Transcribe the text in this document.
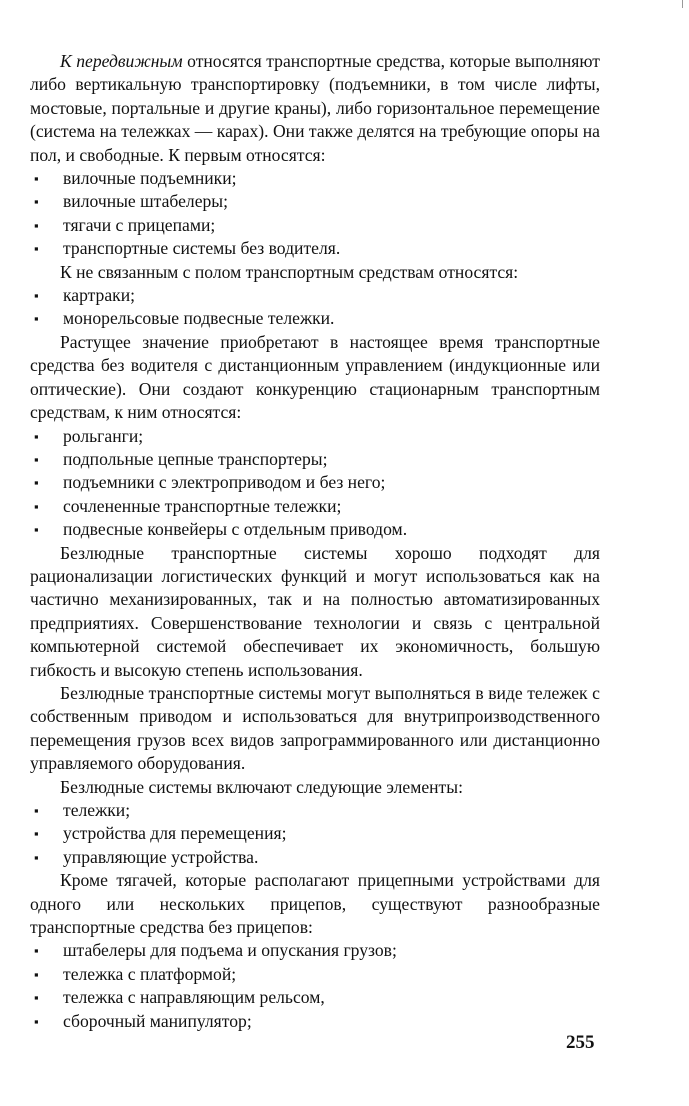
К передвижным относятся транспортные средства, которые выполняют либо вертикальную транспортировку (подъемники, в том числе лифты, мостовые, портальные и другие краны), либо горизонтальное перемещение (система на тележках — карах). Они также делятся на требующие опоры на пол, и свободные. К первым относятся:

▪ вилочные подъемники;
▪ вилочные штабелеры;
▪ тягачи с прицепами;
▪ транспортные системы без водителя.

К не связанным с полом транспортным средствам относятся:

▪ картраки;
▪ монорельсовые подвесные тележки.

Растущее значение приобретают в настоящее время транспортные средства без водителя с дистанционным управлением (индукционные или оптические). Они создают конкуренцию стационарным транспортным средствам, к ним относятся:

▪ рольганги;
▪ подпольные цепные транспортеры;
▪ подъемники с электроприводом и без него;
▪ сочлененные транспортные тележки;
▪ подвесные конвейеры с отдельным приводом.

Безлюдные транспортные системы хорошо подходят для рационализации логистических функций и могут использоваться как на частично механизированных, так и на полностью автоматизированных предприятиях. Совершенствование технологии и связь с центральной компьютерной системой обеспечивает их экономичность, большую гибкость и высокую степень использования.

Безлюдные транспортные системы могут выполняться в виде тележек с собственным приводом и использоваться для внутрипроизводственного перемещения грузов всех видов запрограммированного или дистанционно управляемого оборудования.

Безлюдные системы включают следующие элементы:

▪ тележки;
▪ устройства для перемещения;
▪ управляющие устройства.

Кроме тягачей, которые располагают прицепными устройствами для одного или нескольких прицепов, существуют разнообразные транспортные средства без прицепов:

▪ штабелеры для подъема и опускания грузов;
▪ тележка с платформой;
▪ тележка с направляющим рельсом,
▪ сборочный манипулятор;
255
